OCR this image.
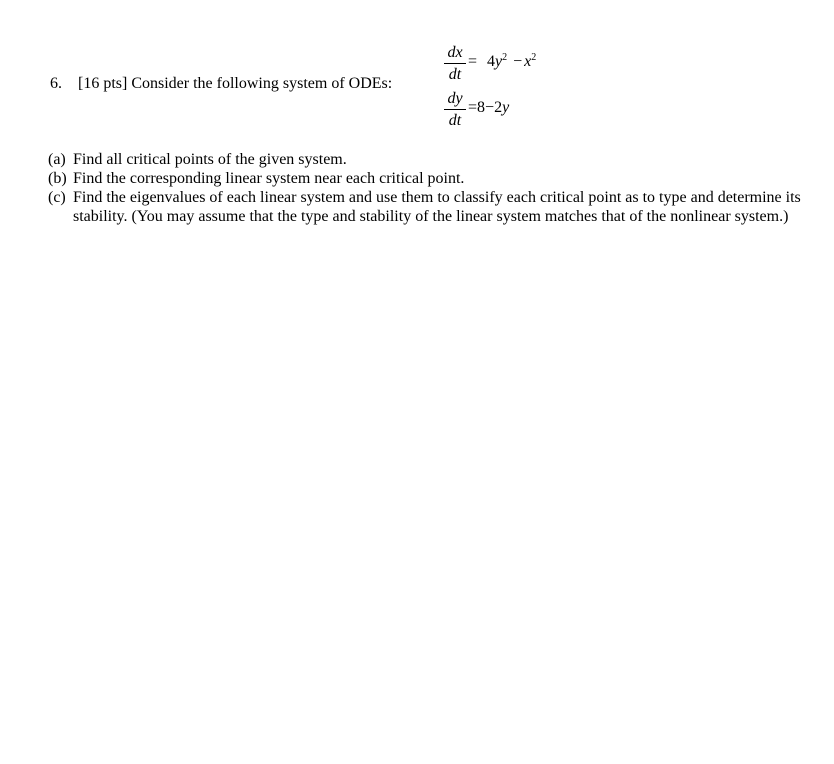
6. [16 pts] Consider the following system of ODEs:
dx
dt
= $4y^2 - x^2$
dy
dt
=8−2y
(a) Find all critical points of the given system.
(b) Find the corresponding linear system near each critical point.
(c) Find the eigenvalues of each linear system and use them to classify each critical point as to type and determine its stability. (You may assume that the type and stability of the linear system matches that of the nonlinear system.)
